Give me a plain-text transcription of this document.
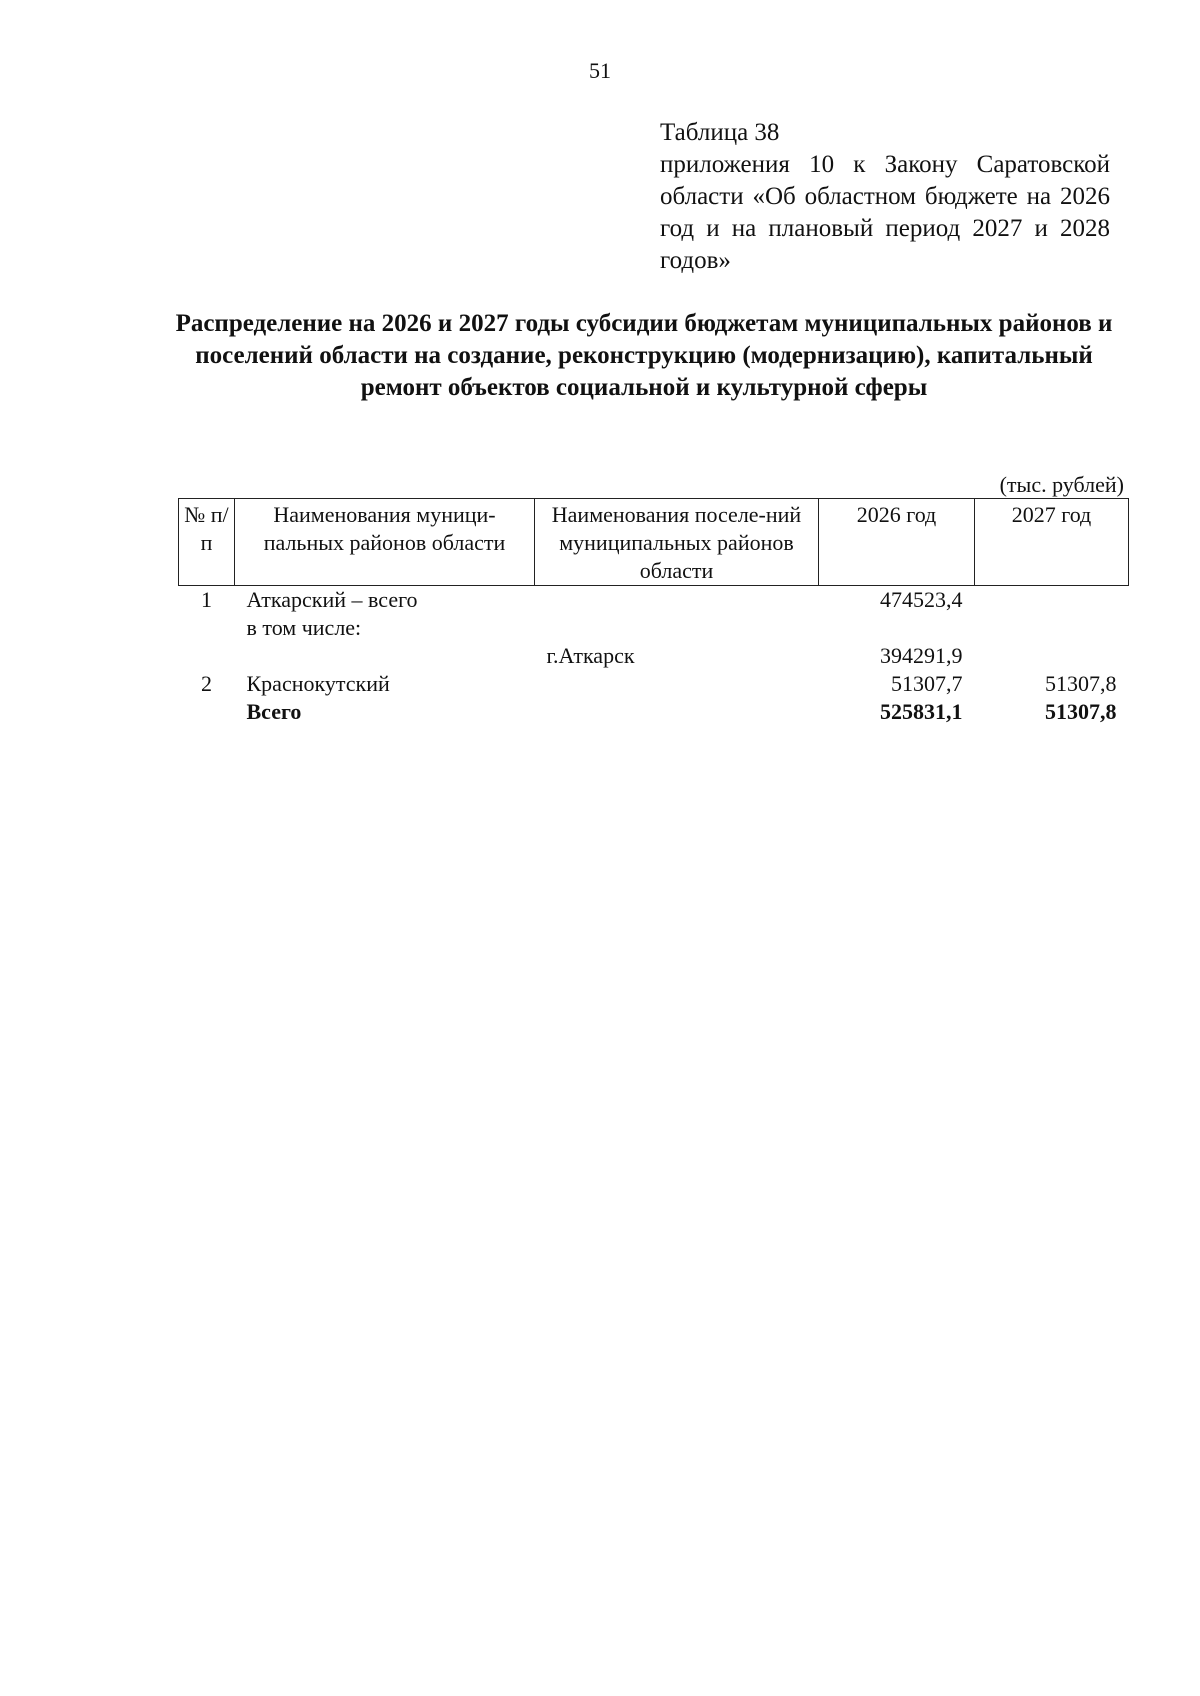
51
Таблица 38
приложения 10 к Закону Саратовской области «Об областном бюджете на 2026 год и на плановый период 2027 и 2028 годов»
Распределение на 2026 и 2027 годы субсидии бюджетам муниципальных районов и поселений области на создание, реконструкцию (модернизацию), капитальный ремонт объектов социальной и культурной сферы
(тыс. рублей)
№ п/п	Наименования муници-пальных районов области	Наименования поселе-ний муниципальных районов области	2026 год	2027 год
1	Аткарский – всего		474523,4	
	в том числе:			
		г.Аткарск	394291,9	
2	Краснокутский		51307,7	51307,8
	Всего		525831,1	51307,8
